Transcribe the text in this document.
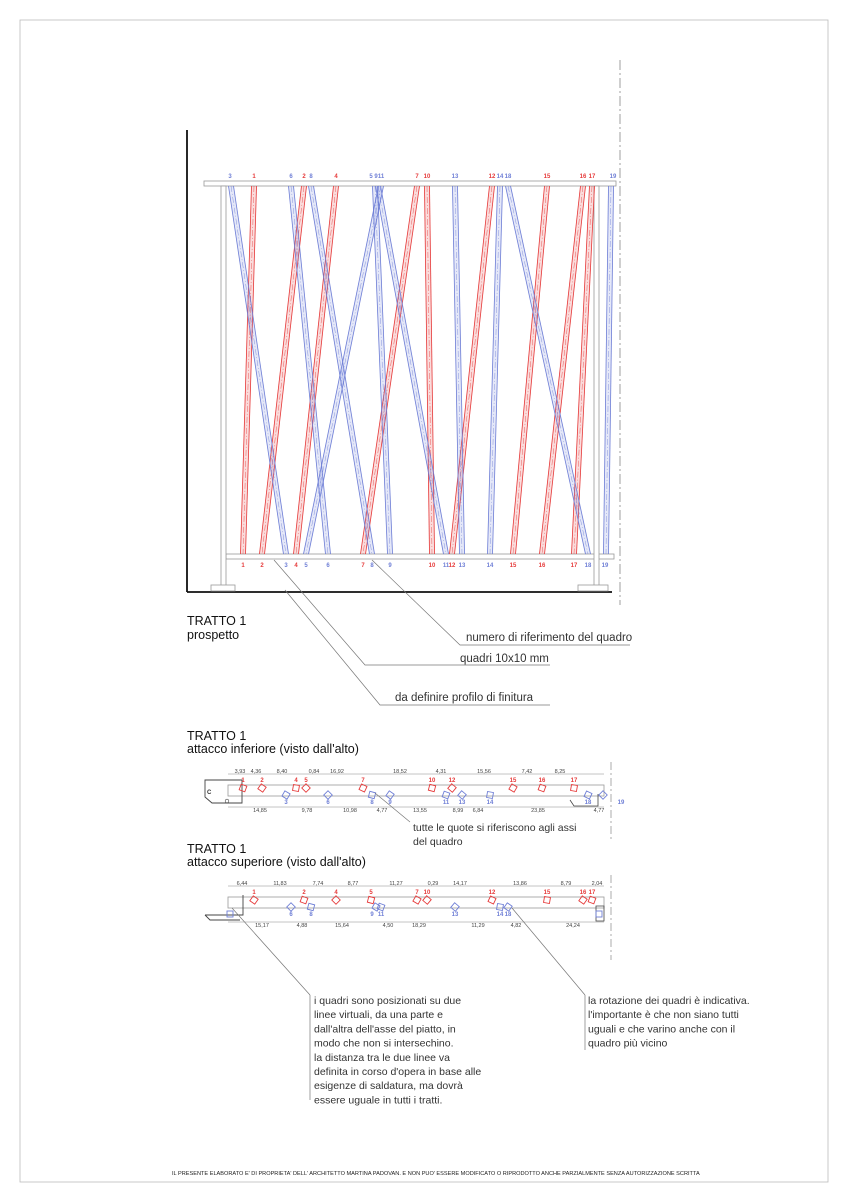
3	1	6 2 8	4	5 9 11	7 10	13	12 14 18	15	16 17 19
1	2	3 4 5	6	7 8 9	10 11 12 13	14	15	16	17 18 19
numero di riferimento del quadro
quadri 10x10 mm
da definire profilo di finitura
TRATTO 1
prospetto
TRATTO 1
attacco inferiore (visto dall'alto)
C
3,93 4,36	8,40	0,84 16,92	18,52	4,31	15,56	7,42	8,25
14,85	9,78	10,98	4,77	13,55	8,99 6,84	23,85	4,77
1	2	4 5	7	10 12	15	16	17
3	6	8 9	11 13	14	18	19
tutte le quote si riferiscono agli assi
del quadro
TRATTO 1
attacco superiore (visto dall'alto)
6,44	11,83	7,74	8,77	11,27	0,29	14,17	13,86	8,79	2,04
15,17	4,88	15,64	4,50	18,29	11,29	4,82	24,24
1	2	4	5	7 10	12	15	16 17
6	8	9 11	13	14 18
i quadri sono posizionati su due
linee virtuali, da una parte e
dall'altra dell'asse del piatto, in
modo che non si intersechino.
la distanza tra le due linee va
definita in corso d'opera in base alle
esigenze di saldatura, ma dovrà
essere uguale in tutti i tratti.
la rotazione dei quadri è indicativa.
l'importante è che non siano tutti
uguali e che varino anche con il
quadro più vicino
IL PRESENTE ELABORATO E' DI PROPRIETA' DELL' ARCHITETTO MARTINA PADOVAN. E NON PUO' ESSERE MODIFICATO O RIPRODOTTO ANCHE PARZIALMENTE SENZA AUTORIZZAZIONE SCRITTA
